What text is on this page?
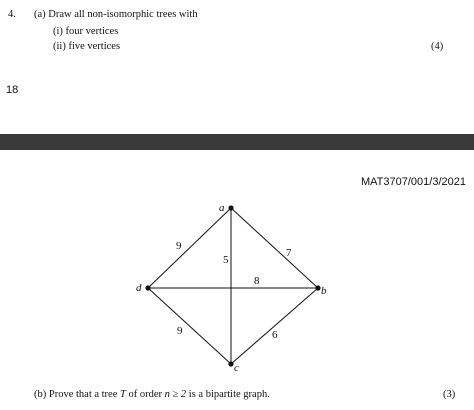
4. (a) Draw all non-isomorphic trees with
(i) four vertices
(ii) five vertices	(4)
18
MAT3707/001/3/2021
a
b
c
d
9
7
5
8
9	6
(b) Prove that a tree T of order n ≥ 2 is a bipartite graph.	(3)
